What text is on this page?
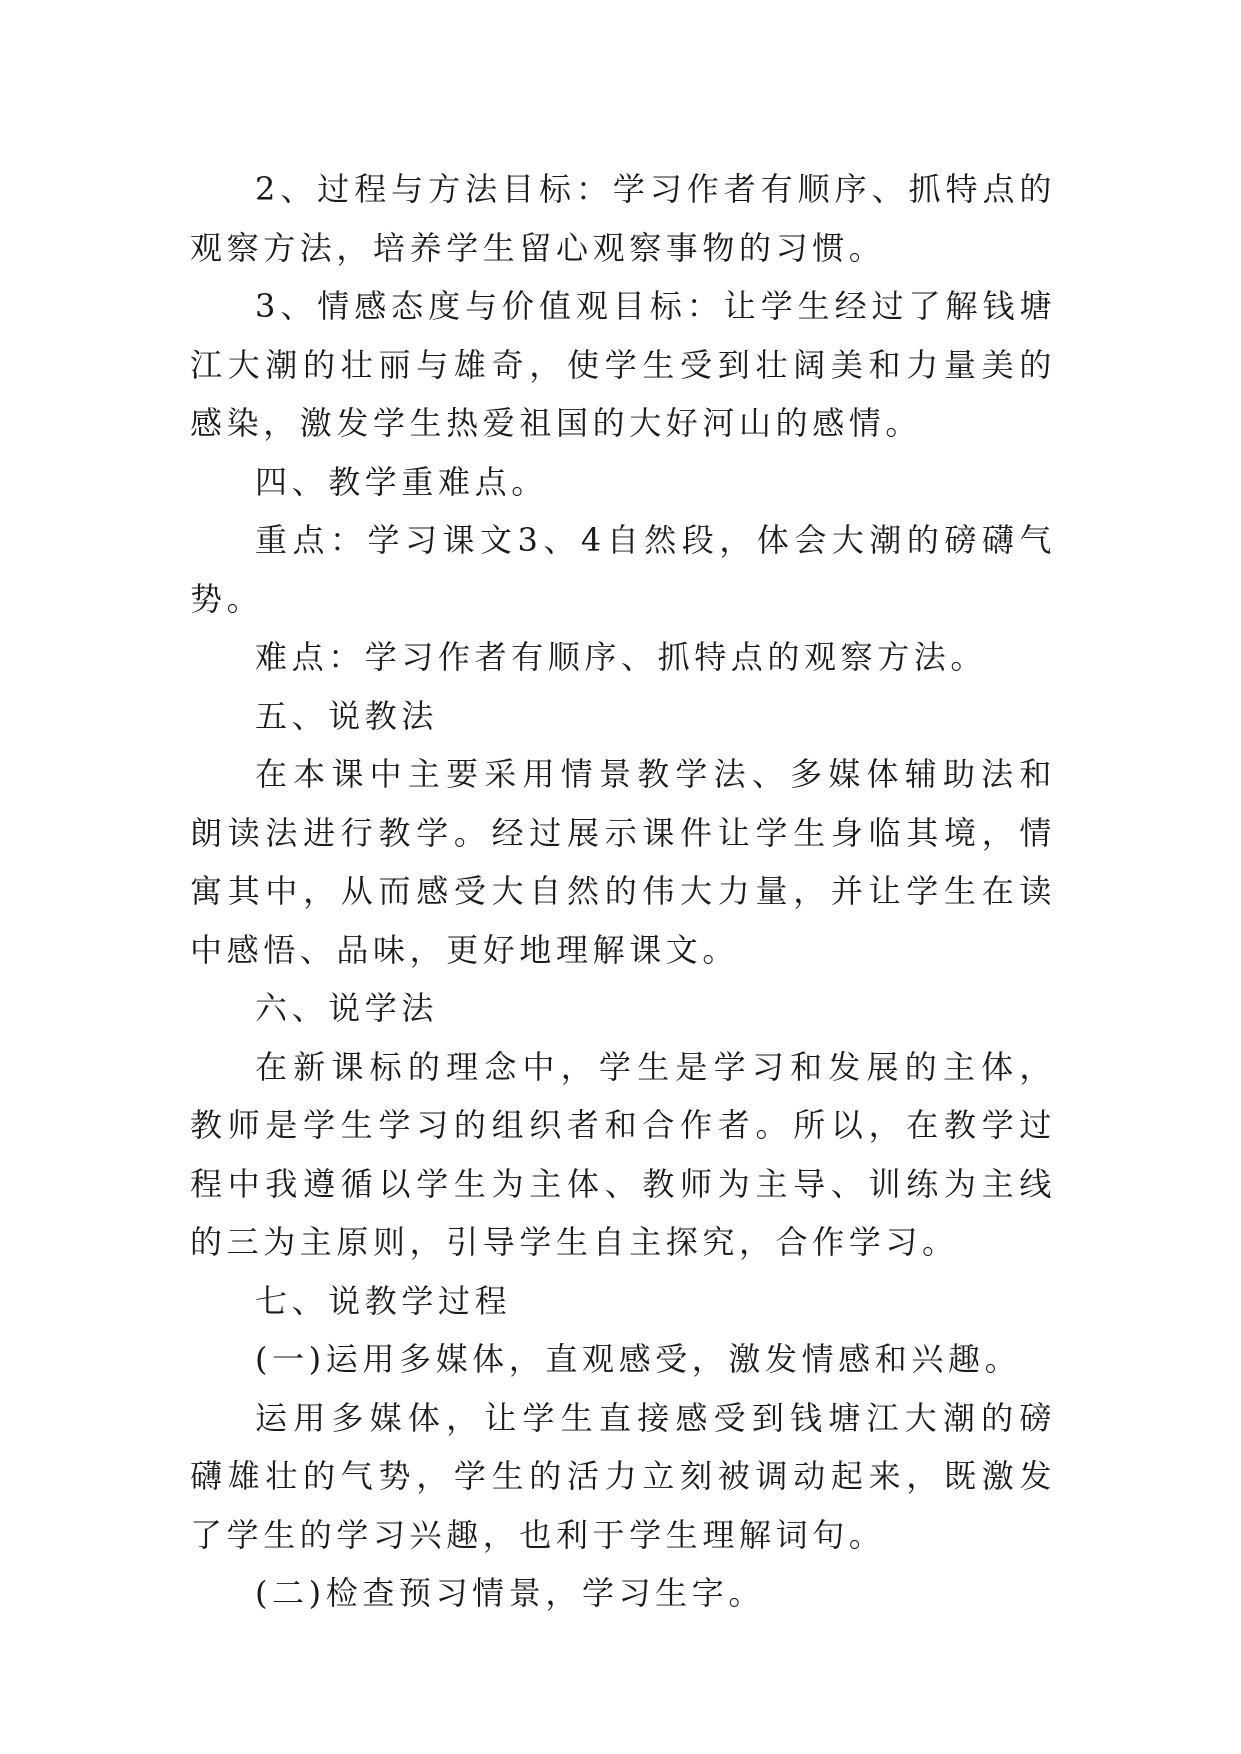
2、过程与方法目标：学习作者有顺序、抓特点的观察方法，培养学生留心观察事物的习惯。

3、情感态度与价值观目标：让学生经过了解钱塘江大潮的壮丽与雄奇，使学生受到壮阔美和力量美的感染，激发学生热爱祖国的大好河山的感情。

四、教学重难点。

重点：学习课文3、4自然段，体会大潮的磅礴气势。

难点：学习作者有顺序、抓特点的观察方法。

五、说教法

在本课中主要采用情景教学法、多媒体辅助法和朗读法进行教学。经过展示课件让学生身临其境，情寓其中，从而感受大自然的伟大力量，并让学生在读中感悟、品味，更好地理解课文。

六、说学法

在新课标的理念中，学生是学习和发展的主体，教师是学生学习的组织者和合作者。所以，在教学过程中我遵循以学生为主体、教师为主导、训练为主线的三为主原则，引导学生自主探究，合作学习。

七、说教学过程

(一)运用多媒体，直观感受，激发情感和兴趣。

运用多媒体，让学生直接感受到钱塘江大潮的磅礴雄壮的气势，学生的活力立刻被调动起来，既激发了学生的学习兴趣，也利于学生理解词句。

(二)检查预习情景，学习生字。
